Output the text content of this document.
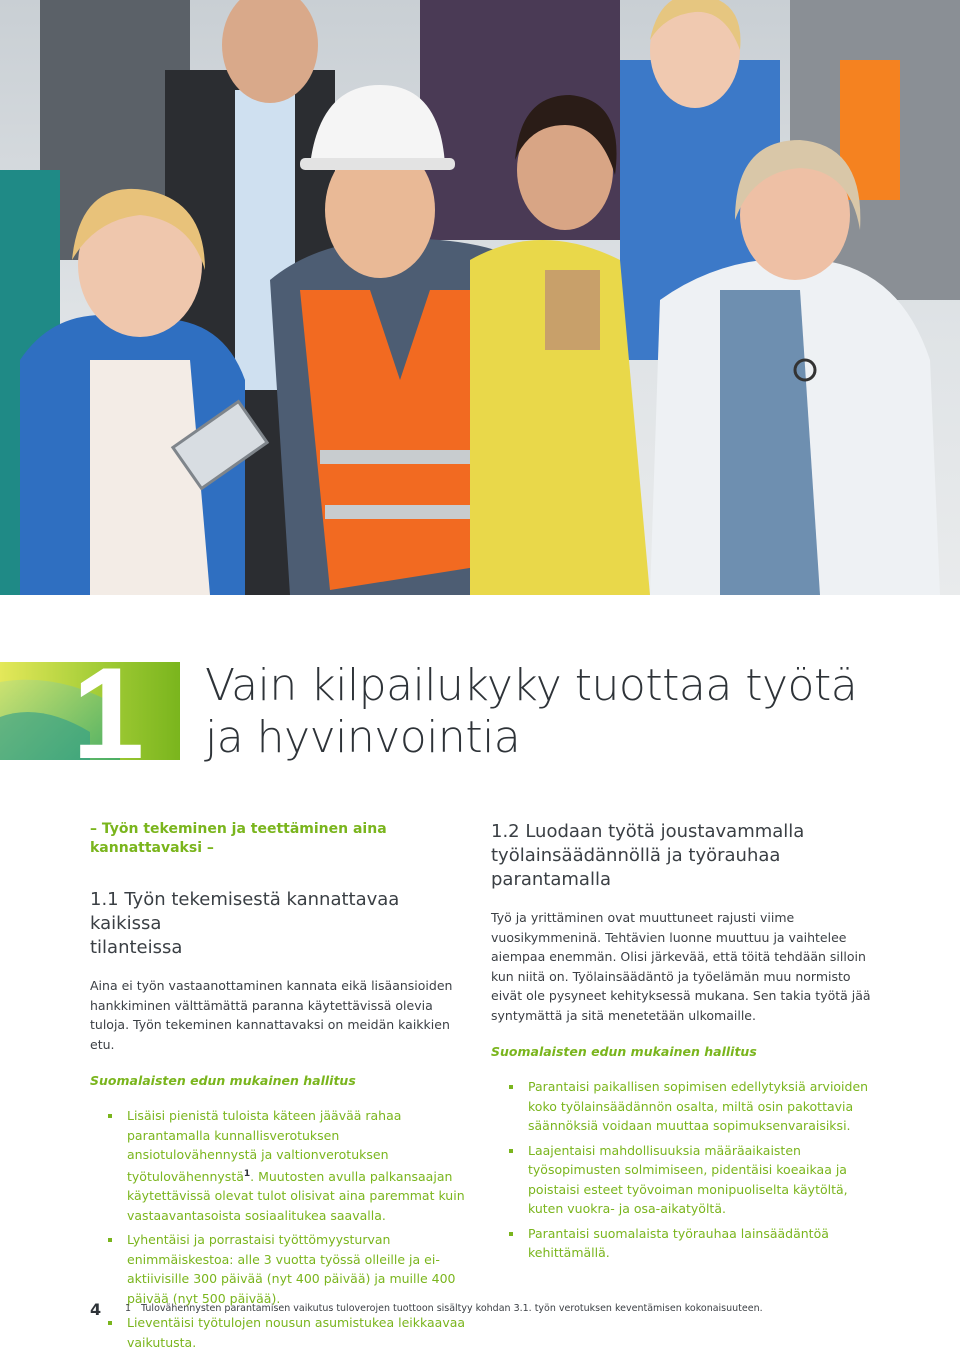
1 Vain kilpailukyky tuottaa työtä
ja hyvinvointia

– Työn tekeminen ja teettäminen aina
kannattavaksi –

1.1 Työn tekemisestä kannattavaa kaikissa
tilanteissa

Aina ei työn vastaanottaminen kannata eikä lisäansioiden hankkiminen välttämättä paranna käytettävissä olevia tuloja. Työn tekeminen kannattavaksi on meidän kaikkien etu.

Suomalaisten edun mukainen hallitus

Lisäisi pienistä tuloista käteen jäävää rahaa parantamalla kunnallisverotuksen ansiotulovähennystä ja valtionverotuksen työtulovähennystä$^1$. Muutosten avulla palkansaajan käytettävissä olevat tulot olisivat aina paremmat kuin vastaavantasoista sosiaalitukea saavalla.
Lyhentäisi ja porrastaisi työttömyysturvan enimmäiskestoa: alle 3 vuotta työssä olleille ja ei-aktiivisille 300 päivää (nyt 400 päivää) ja muille 400 päivää (nyt 500 päivää).
Lieventäisi työtulojen nousun asumistukea leikkaavaa vaikutusta.
1.2 Luodaan työtä joustavammalla
työlainsäädännöllä ja työrauhaa
parantamalla

Työ ja yrittäminen ovat muuttuneet rajusti viime vuosikymmeninä. Tehtävien luonne muuttuu ja vaihtelee aiempaa enemmän. Olisi järkevää, että töitä tehdään silloin kun niitä on. Työlainsäädäntö ja työelämän muu normisto eivät ole pysyneet kehityksessä mukana. Sen takia työtä jää syntymättä ja sitä menetetään ulkomaille.

Suomalaisten edun mukainen hallitus

Parantaisi paikallisen sopimisen edellytyksiä arvioiden koko työlainsäädännön osalta, miltä osin pakottavia säännöksiä voidaan muuttaa sopimuksenvaraisiksi.
Laajentaisi mahdollisuuksia määräaikaisten työsopimusten solmimiseen, pidentäisi koeaikaa ja poistaisi esteet työvoiman monipuoliselta käytöltä, kuten vuokra- ja osa-aikatyöltä.
Parantaisi suomalaista työrauhaa lainsäädäntöä kehittämällä.
4	1 Tulovähennysten parantamisen vaikutus tuloverojen tuottoon sisältyy kohdan 3.1. työn verotuksen keventämisen kokonaisuuteen.
